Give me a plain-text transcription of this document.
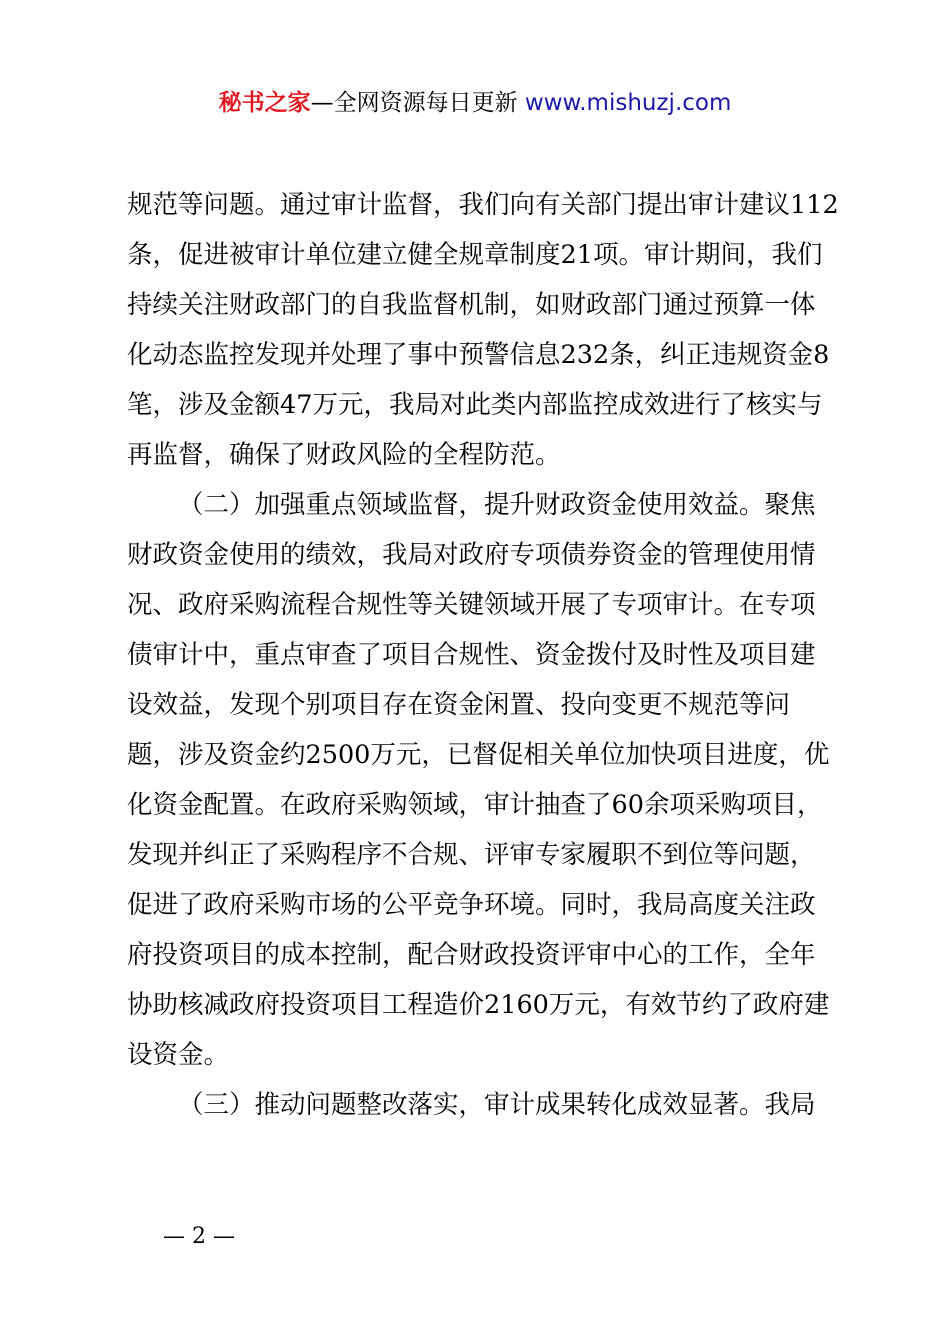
秘书之家—全网资源每日更新 www.mishuzj.com

规范等问题。通过审计监督，我们向有关部门提出审计建议112条，促进被审计单位建立健全规章制度21项。审计期间，我们持续关注财政部门的自我监督机制，如财政部门通过预算一体化动态监控发现并处理了事中预警信息232条，纠正违规资金8笔，涉及金额47万元，我局对此类内部监控成效进行了核实与再监督，确保了财政风险的全程防范。

（二）加强重点领域监督，提升财政资金使用效益。聚焦财政资金使用的绩效，我局对政府专项债券资金的管理使用情况、政府采购流程合规性等关键领域开展了专项审计。在专项债审计中，重点审查了项目合规性、资金拨付及时性及项目建设效益，发现个别项目存在资金闲置、投向变更不规范等问题，涉及资金约2500万元，已督促相关单位加快项目进度，优化资金配置。在政府采购领域，审计抽查了60余项采购项目，发现并纠正了采购程序不合规、评审专家履职不到位等问题，促进了政府采购市场的公平竞争环境。同时，我局高度关注政府投资项目的成本控制，配合财政投资评审中心的工作，全年协助核减政府投资项目工程造价2160万元，有效节约了政府建设资金。

（三）推动问题整改落实，审计成果转化成效显著。我局

— 2 —
